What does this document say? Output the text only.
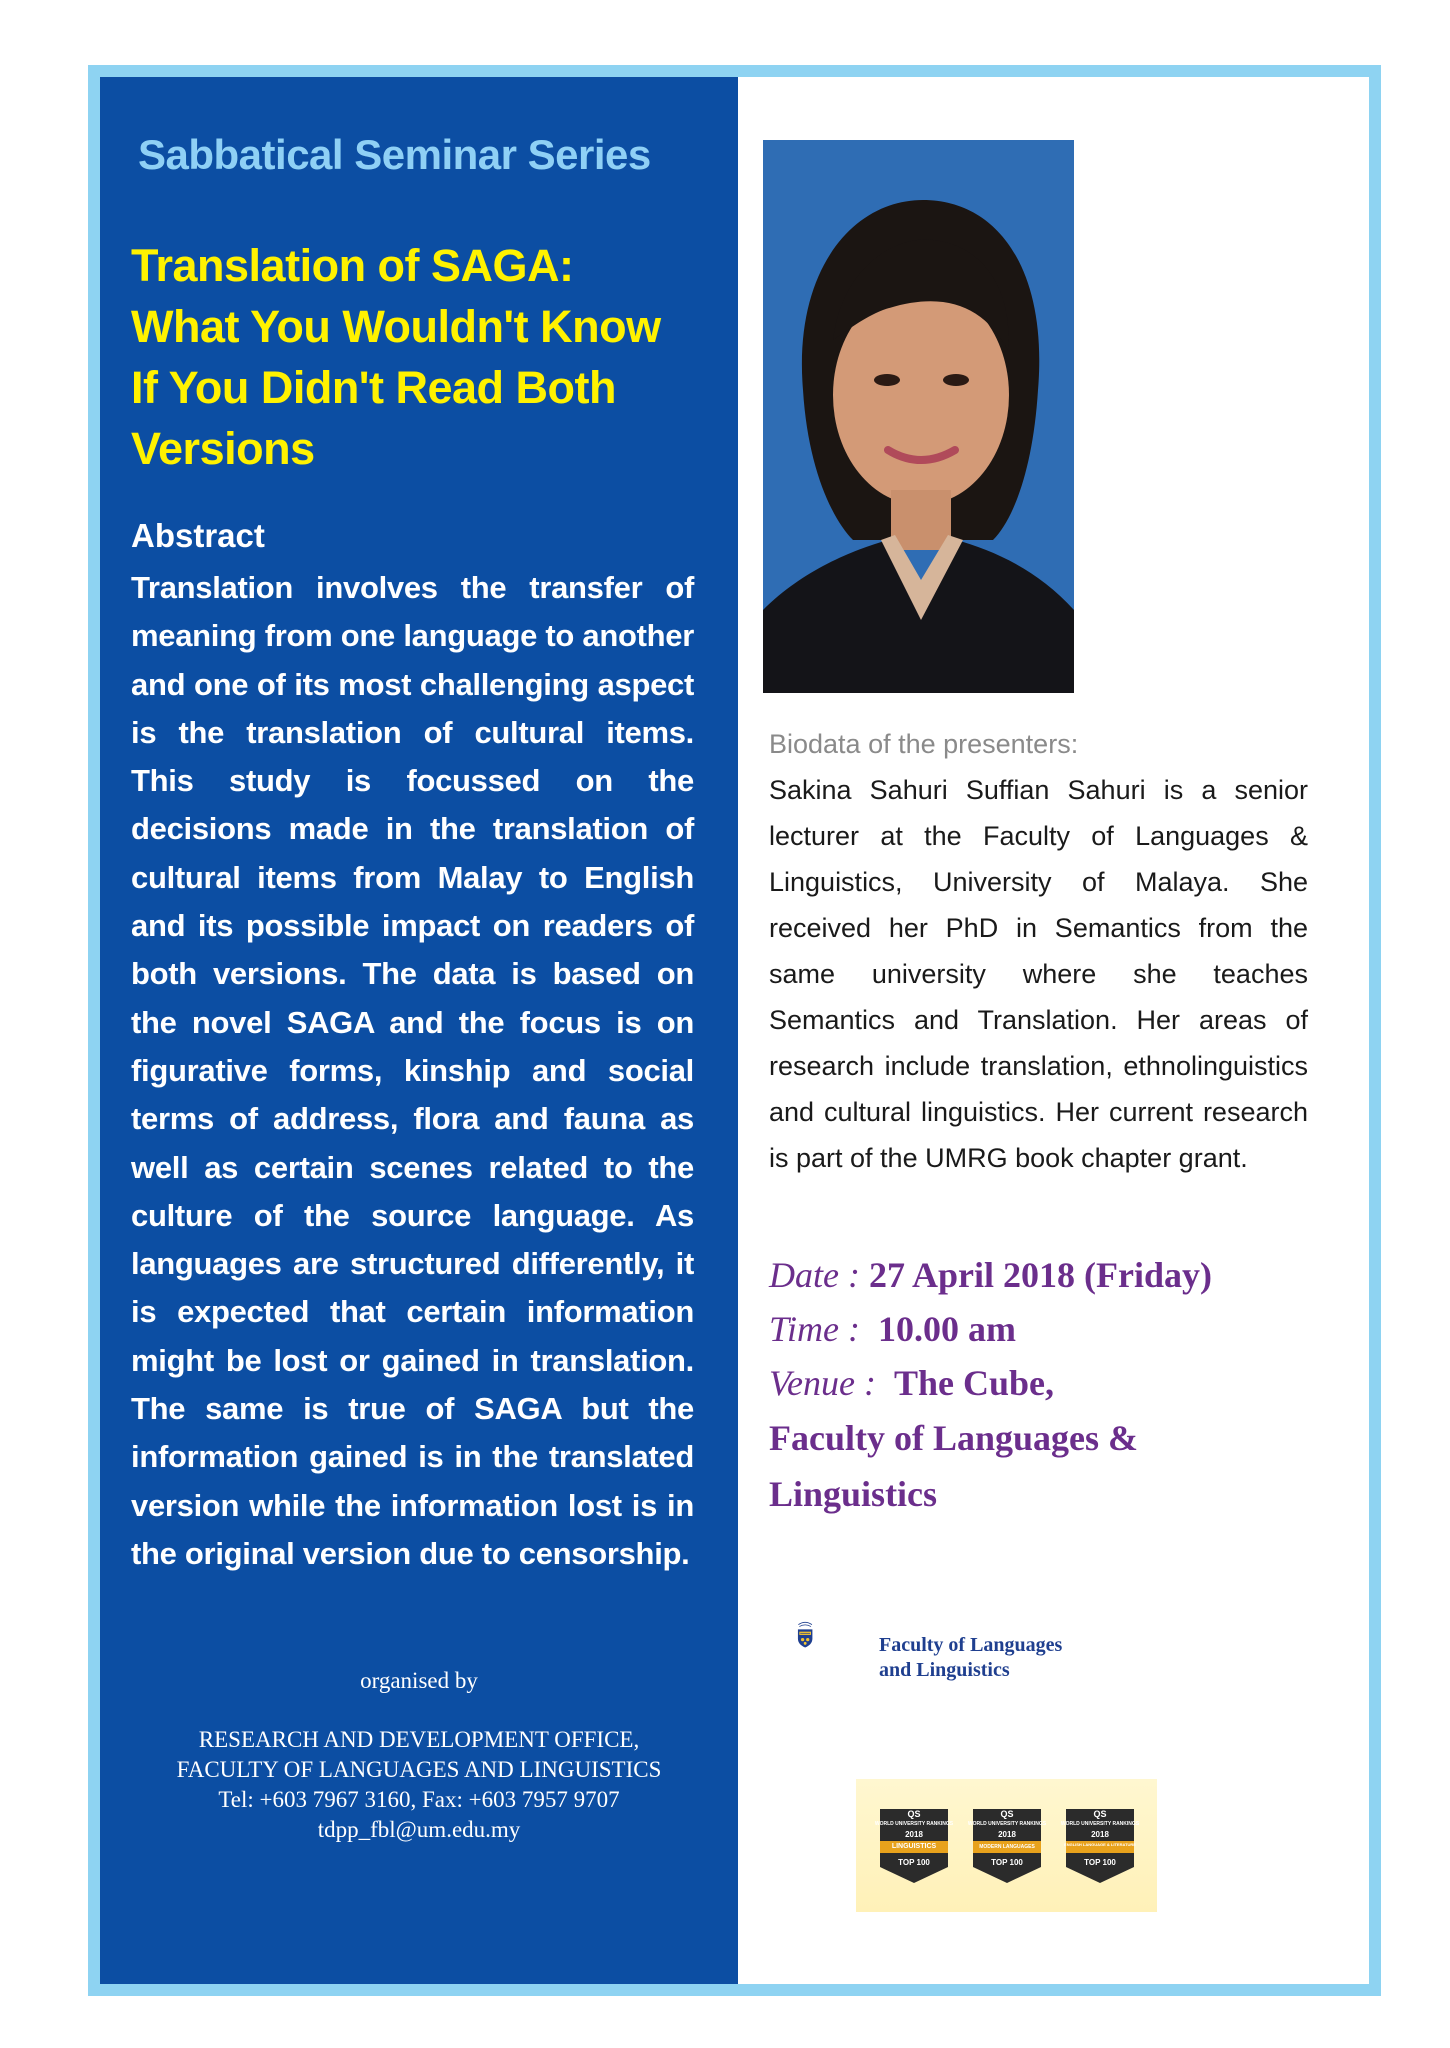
Sabbatical Seminar Series
Translation of SAGA:
What You Wouldn't Know
If You Didn't Read Both
Versions
Abstract
Translation involves the transfer of meaning from one language to another and one of its most challenging aspect is the translation of cultural items. This study is focussed on the decisions made in the translation of cultural items from Malay to English and its possible impact on readers of both versions. The data is based on the novel SAGA and the focus is on figurative forms, kinship and social terms of address, flora and fauna as well as certain scenes related to the culture of the source language. As languages are structured differently, it is expected that certain information might be lost or gained in translation. The same is true of SAGA but the information gained is in the translated version while the information lost is in the original version due to censorship.
organised by
RESEARCH AND DEVELOPMENT OFFICE,
FACULTY OF LANGUAGES AND LINGUISTICS
Tel: +603 7967 3160, Fax: +603 7957 9707
tdpp_fbl@um.edu.my
Biodata of the presenters:
Sakina Sahuri Suffian Sahuri is a senior lecturer at the Faculty of Languages & Linguistics, University of Malaya. She received her PhD in Semantics from the same university where she teaches Semantics and Translation. Her areas of research include translation, ethnolinguistics and cultural linguistics. Her current research is part of the UMRG book chapter grant.
Date : 27 April 2018 (Friday)
Time : 10.00 am
Venue : The Cube,
Faculty of Languages &
Linguistics
Faculty of Languages
and Linguistics
QS
WORLD UNIVERSITY RANKINGS
2018
LINGUISTICS
TOP 100
QS
WORLD UNIVERSITY RANKINGS
2018
MODERN LANGUAGES
TOP 100
QS
WORLD UNIVERSITY RANKINGS
2018
ENGLISH LANGUAGE & LITERATURE
TOP 100
